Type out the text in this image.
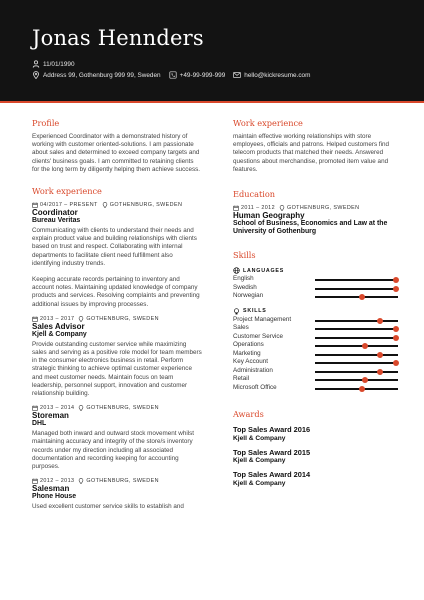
Jonas Hennders
11/01/1990
Address 99, Gothenburg 999 99, Sweden	+49-99-999-999	hello@kickresume.com
Profile
Experienced Coordinator with a demonstrated history of working with customer oriented-solutions. I am passionate about sales and determined to exceed company targets and clients' business goals. I am committed to retaining clients for the long term by diligently helping them achieve success.
Work experience
04/2017 – PRESENT GOTHENBURG, SWEDEN
Coordinator
Bureau Veritas
Communicating with clients to understand their needs and explain product value and building relationships with clients based on trust and respect. Collaborating with internal departments to facilitate client need fulfillment also identifying industry trends.
Keeping accurate records pertaining to inventory and account notes. Maintaining updated knowledge of company products and services. Resolving complaints and preventing additional issues by improving processes.
2013 – 2017 GOTHENBURG, SWEDEN
Sales Advisor
Kjell & Company
Provide outstanding customer service while maximizing sales and serving as a positive role model for team members in the consumer electronics business in retail. Perform strategic thinking to achieve optimal customer experience and meet customer needs. Maintain focus on team leadership, personnel support, innovation and customer relationship building.
2013 – 2014 GOTHENBURG, SWEDEN
Storeman
DHL
Managed both inward and outward stock movement whilst maintaining accuracy and integrity of the store/s inventory records under my direction including all associated documentation and recording keeping for accounting purposes.
2012 – 2013 GOTHENBURG, SWEDEN
Salesman
Phone House
Used excellent customer service skills to establish and
Work experience
maintain effective working relationships with store employees, officials and patrons. Helped customers find telecom products that matched their needs. Answered questions about merchandise, promoted item value and features.
Education
2011 – 2012 GOTHENBURG, SWEDEN
Human Geography
School of Business, Economics and Law at the University of Gothenburg
Skills
LANGUAGES
English
Swedish
Norwegian
SKILLS
Project Management
Sales
Customer Service
Operations
Marketing
Key Account
Administration
Retail
Microsoft Office
Awards
Top Sales Award 2016
Kjell & Company
Top Sales Award 2015
Kjell & Company
Top Sales Award 2014
Kjell & Company
